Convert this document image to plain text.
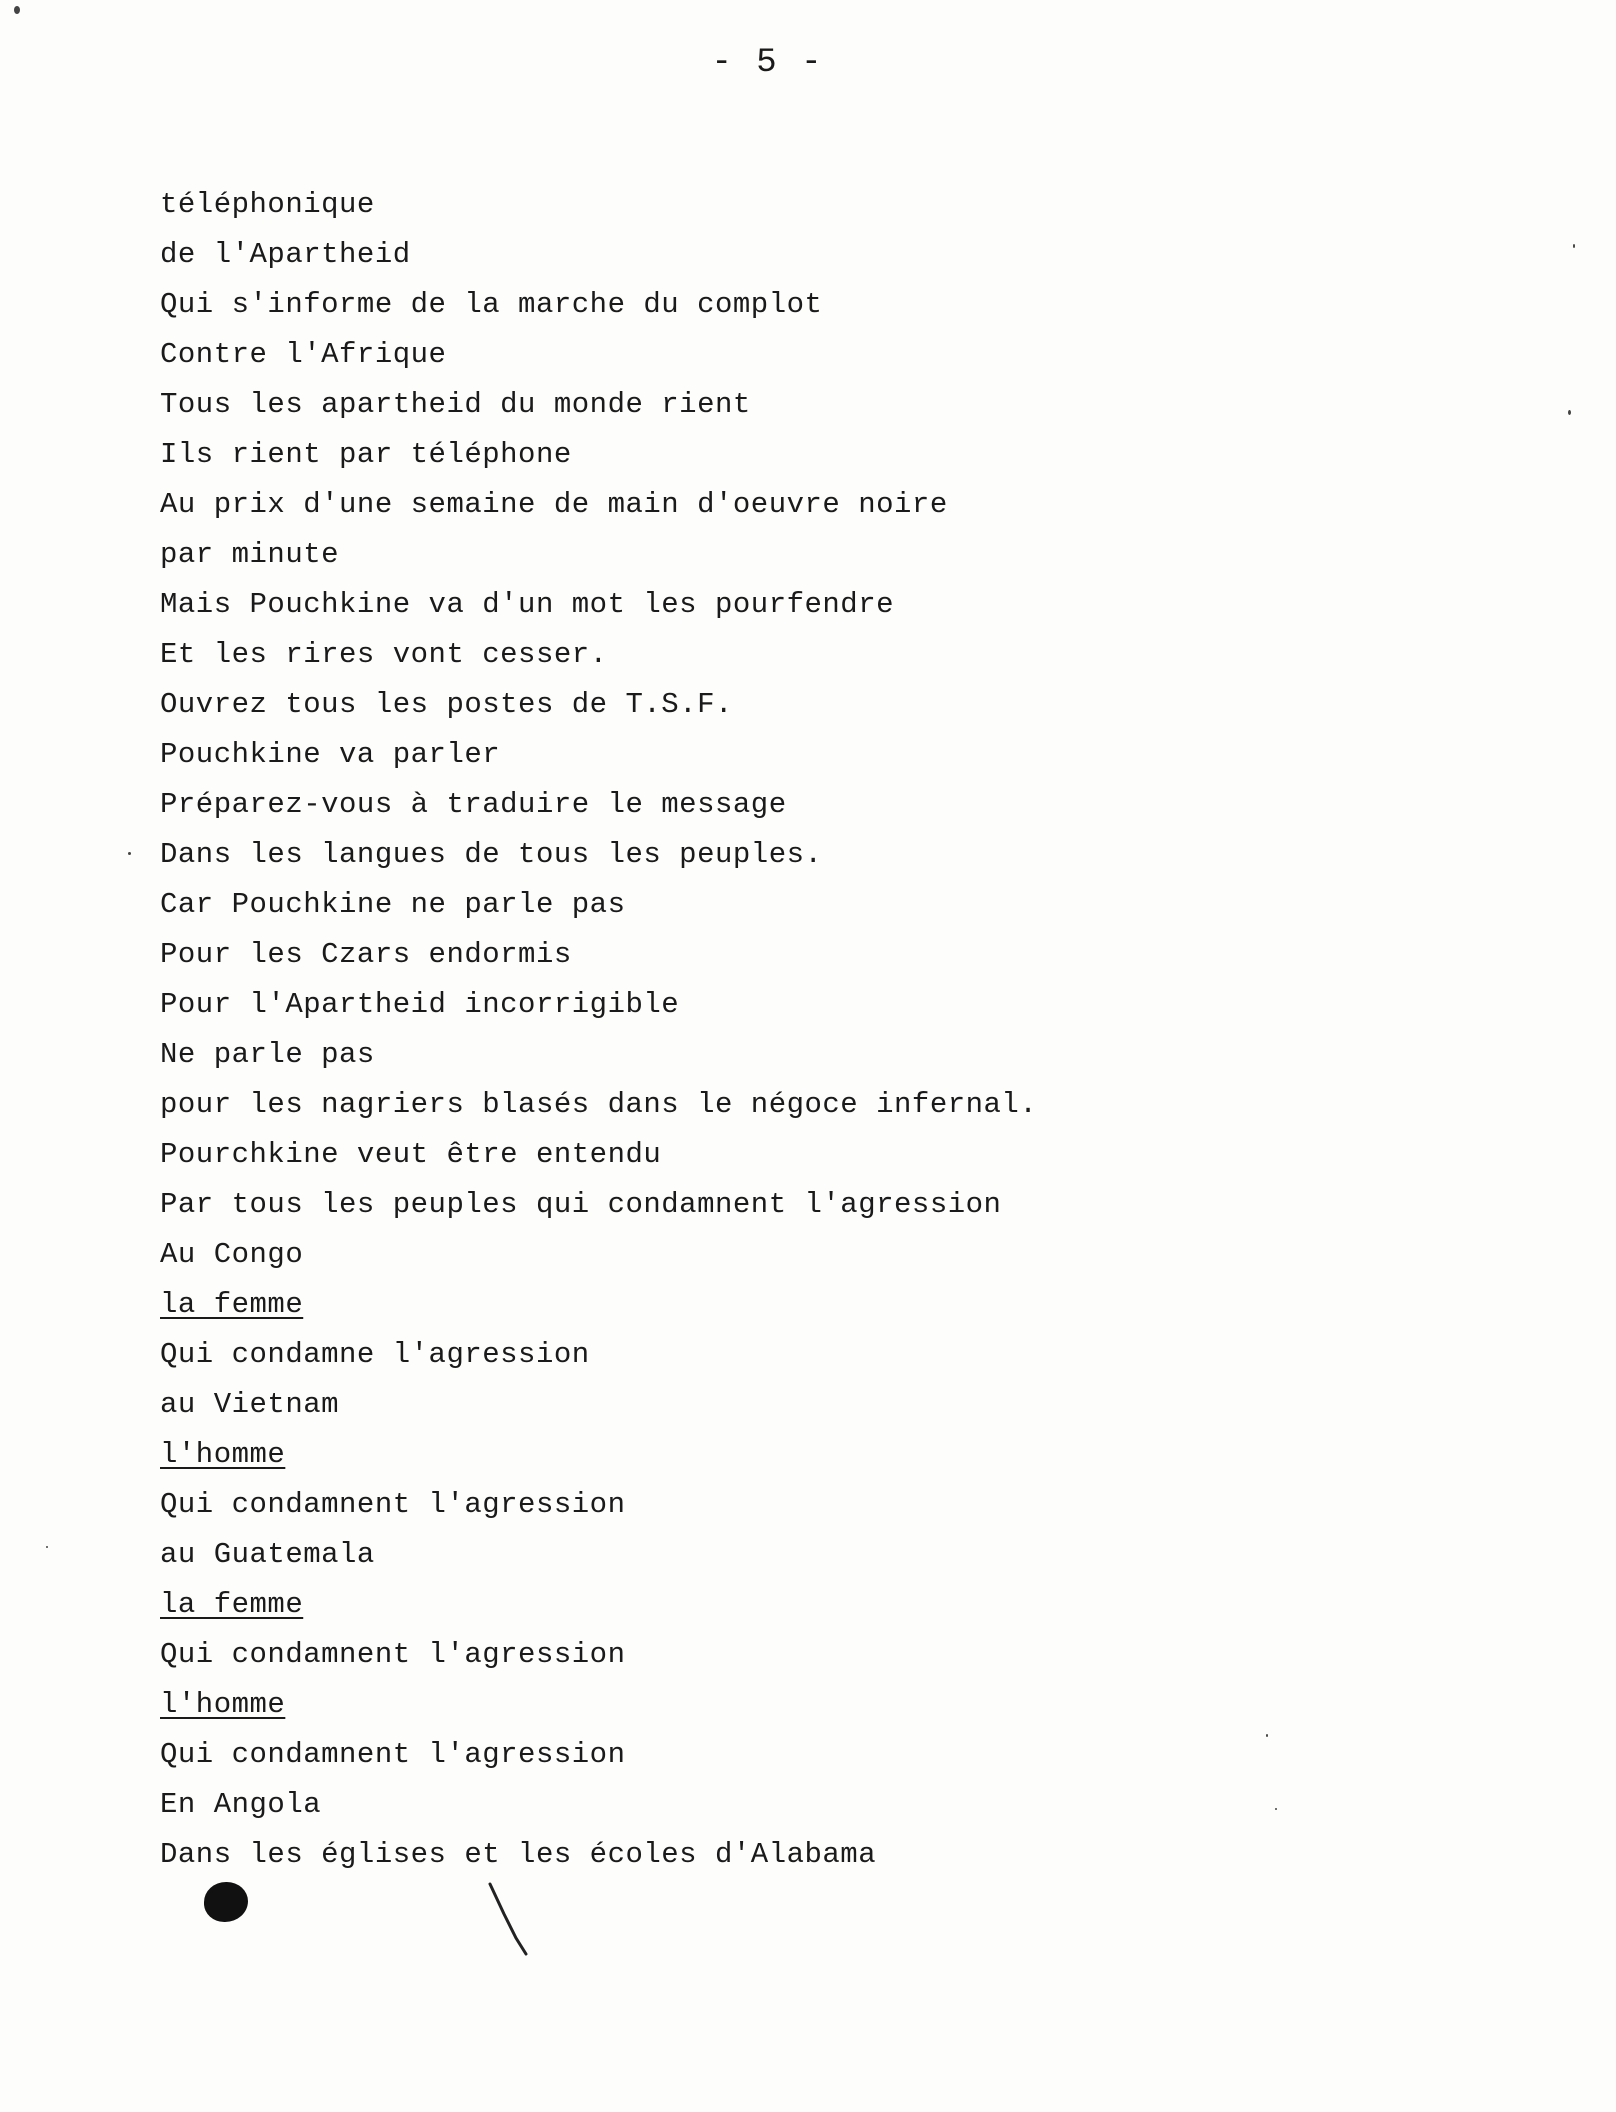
- 5 -
téléphonique
de l'Apartheid
Qui s'informe de la marche du complot
Contre l'Afrique
Tous les apartheid du monde rient
Ils rient par téléphone
Au prix d'une semaine de main d'oeuvre noire
par minute
Mais Pouchkine va d'un mot les pourfendre
Et les rires vont cesser.
Ouvrez tous les postes de T.S.F.
Pouchkine va parler
Préparez-vous à traduire le message
Dans les langues de tous les peuples.
Car Pouchkine ne parle pas
Pour les Czars endormis
Pour l'Apartheid incorrigible
Ne parle pas
pour les nagriers blasés dans le négoce infernal.
Pourchkine veut être entendu
Par tous les peuples qui condamnent l'agression
Au Congo
la femme
Qui condamne l'agression
au Vietnam
l'homme
Qui condamnent l'agression
au Guatemala
la femme
Qui condamnent l'agression
l'homme
Qui condamnent l'agression
En Angola
Dans les églises et les écoles d'Alabama
